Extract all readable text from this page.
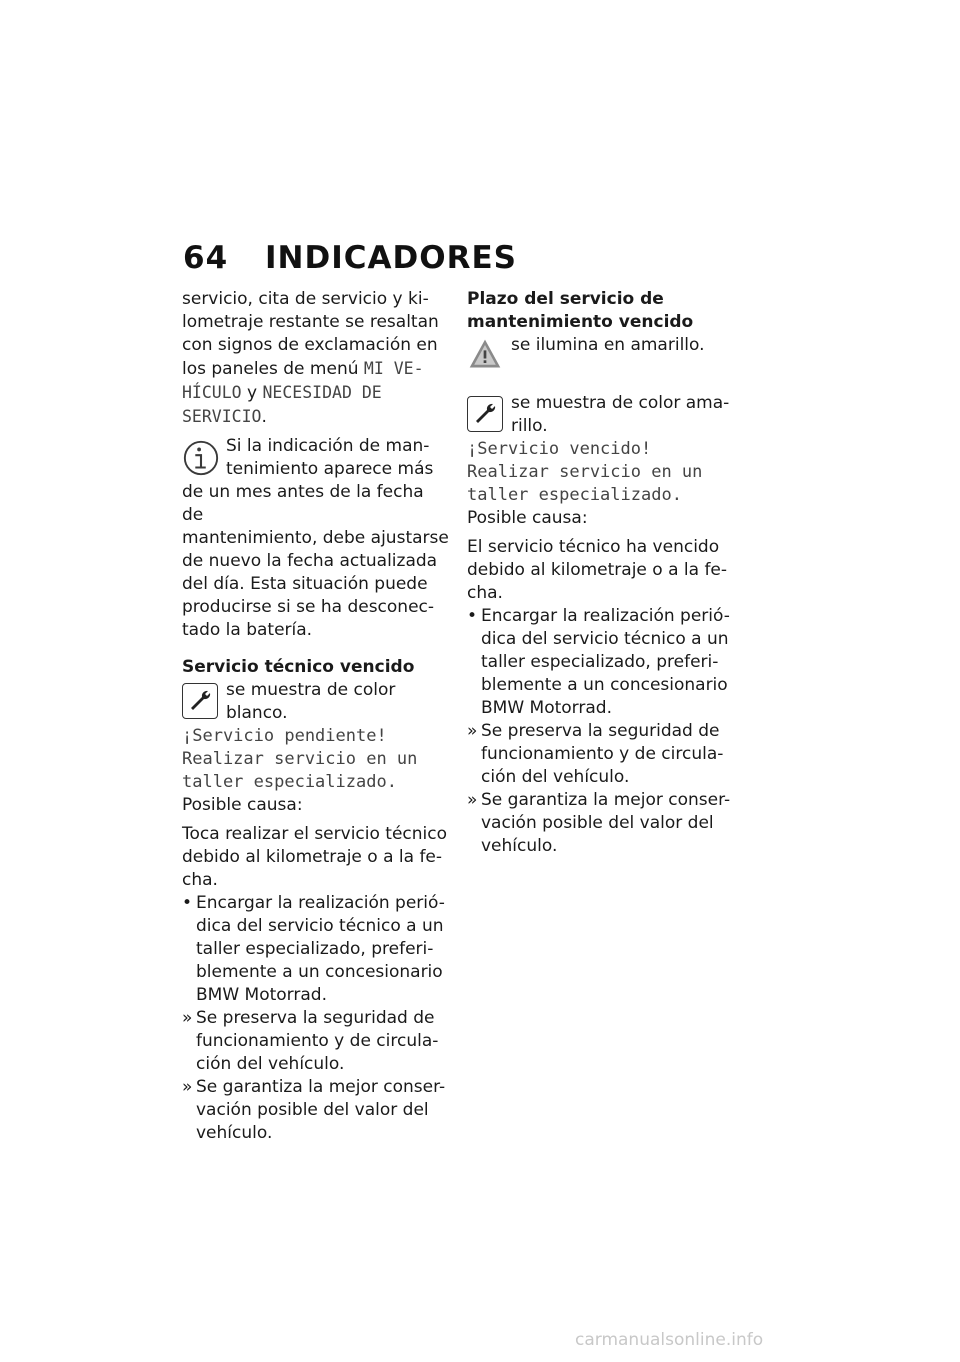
64 INDICADORES

servicio, cita de servicio y ki-
lometraje restante se resaltan
con signos de exclamación en
los paneles de menú MI VE-
HÍCULO y NECESIDAD DE
SERVICIO.

Si la indicación de man-
tenimiento aparece más

de un mes antes de la fecha de
mantenimiento, debe ajustarse
de nuevo la fecha actualizada
del día. Esta situación puede
producirse si se ha desconec-
tado la batería.

Servicio técnico vencido

se muestra de color
blanco.

¡Servicio pendiente!
Realizar servicio en un
taller especializado.

Posible causa:

Toca realizar el servicio técnico
debido al kilometraje o a la fe-
cha.

• Encargar la realización perió-
dica del servicio técnico a un
taller especializado, preferi-
blemente a un concesionario
BMW Motorrad.
» Se preserva la seguridad de
funcionamiento y de circula-
ción del vehículo.
» Se garantiza la mejor conser-
vación posible del valor del
vehículo.

Plazo del servicio de
mantenimiento vencido

se ilumina en amarillo.

se muestra de color ama-
rillo.

¡Servicio vencido!
Realizar servicio en un
taller especializado.

Posible causa:

El servicio técnico ha vencido
debido al kilometraje o a la fe-
cha.

• Encargar la realización perió-
dica del servicio técnico a un
taller especializado, preferi-
blemente a un concesionario
BMW Motorrad.
» Se preserva la seguridad de
funcionamiento y de circula-
ción del vehículo.
» Se garantiza la mejor conser-
vación posible del valor del
vehículo.
carmanualsonline.info
